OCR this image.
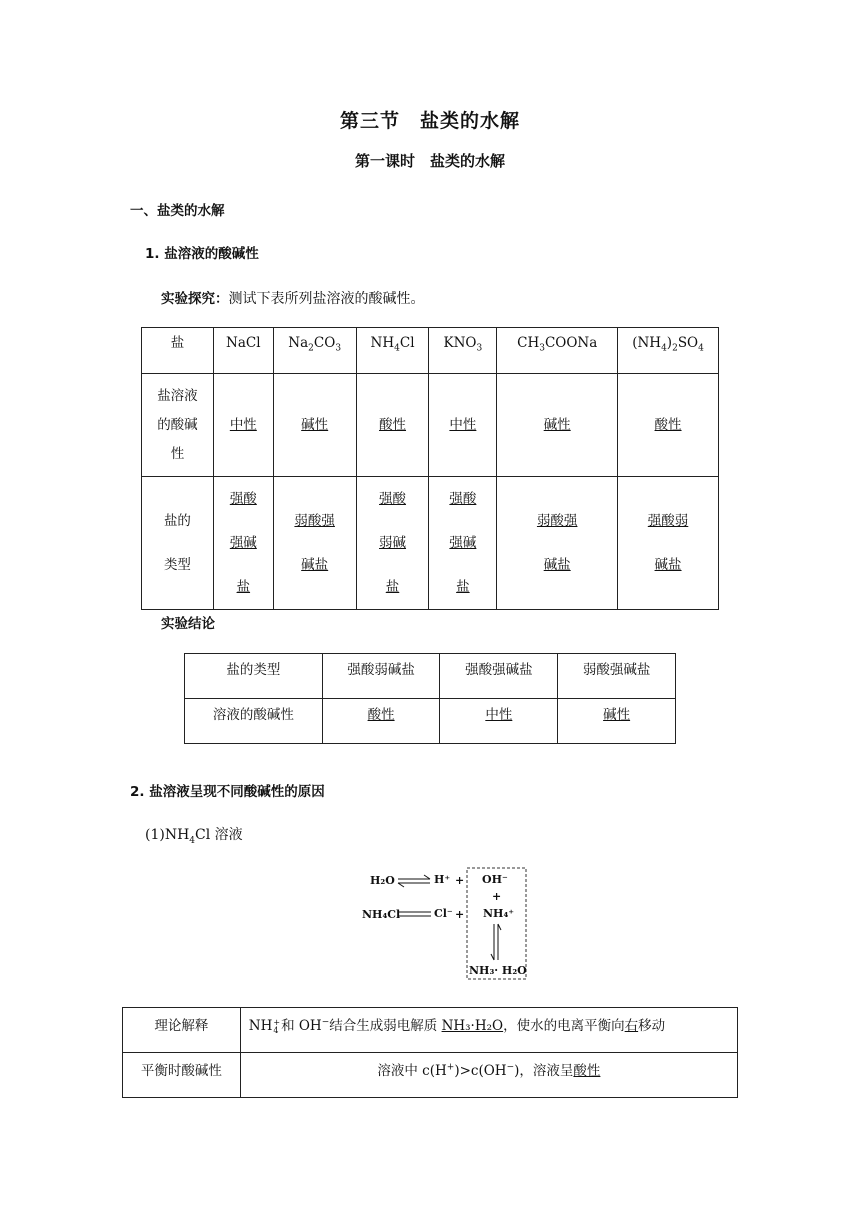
第三节　盐类的水解
第一课时　盐类的水解
一、盐类的水解
1. 盐溶液的酸碱性
实验探究：测试下表所列盐溶液的酸碱性。
盐	NaCl	$Na_2CO_3$	$NH_4Cl$	$KNO_3$	$CH_3COONa$	$(NH_4)_2SO_4$

盐溶液的酸碱性	中性	碱性	酸性	中性	碱性	酸性

盐的类型	强酸强碱盐	弱酸强碱盐	强酸弱碱盐	强酸强碱盐	弱酸强碱盐	强酸弱碱盐
实验结论
盐的类型	强酸弱碱盐	强酸强碱盐	弱酸强碱盐
溶液的酸碱性	酸性	中性	碱性
2. 盐溶液呈现不同酸碱性的原因
$(1)NH_4Cl$ 溶液
H₂O ⇌ H⁺ +
NH₄Cl	Cl⁻ +
OH⁻
+
NH₄⁺
NH₃· H₂O
理论解释	NH +
4 和 OH−结合生成弱电解质 NH₃·H₂O，使水的电离平衡向右移动
平衡时酸碱性	溶液中 c(H+)>c(OH−)，溶液呈酸性
